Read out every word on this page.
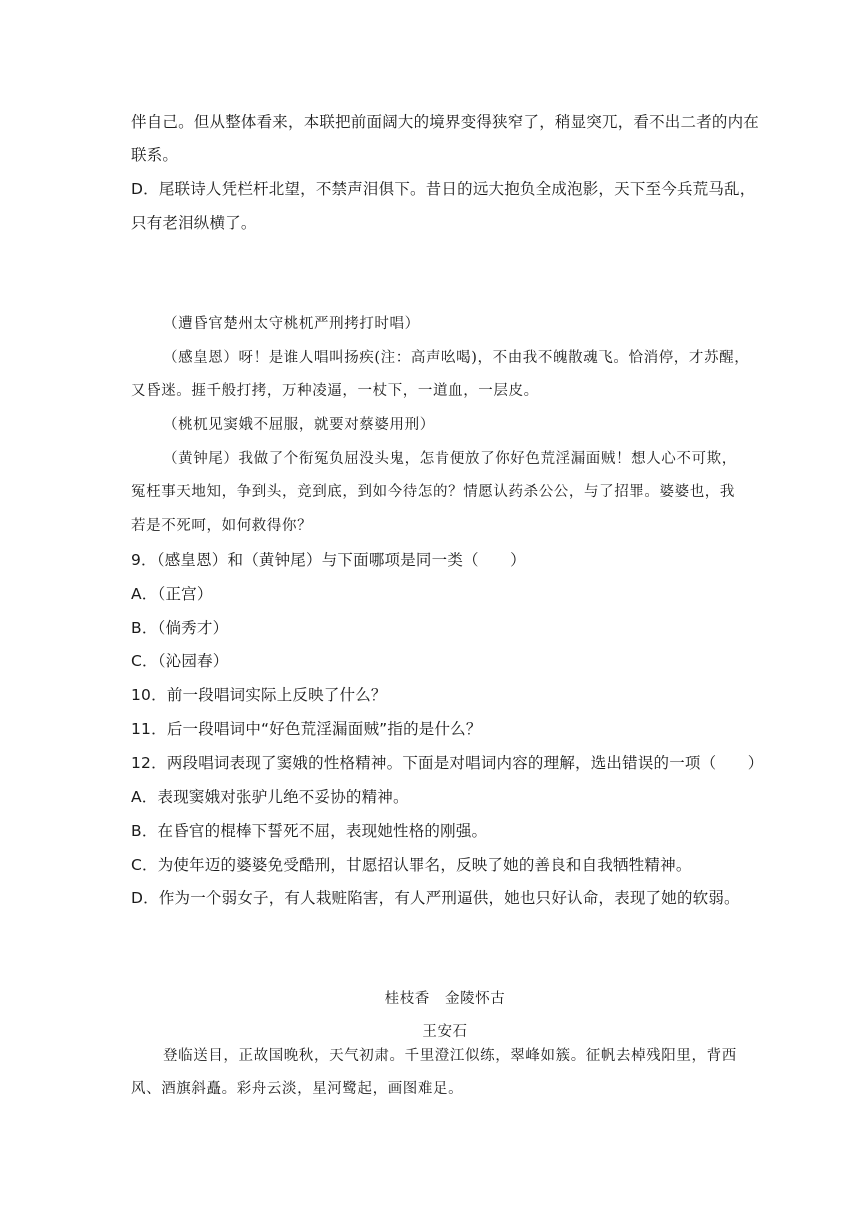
伴自己。但从整体看来，本联把前面阔大的境界变得狭窄了，稍显突兀，看不出二者的内在
联系。
D．尾联诗人凭栏杆北望，不禁声泪俱下。昔日的远大抱负全成泡影，天下至今兵荒马乱，
只有老泪纵横了。
（遭昏官楚州太守桃杌严刑拷打时唱）
（感皇恩）呀！是谁人唱叫扬疾(注：高声吆喝)，不由我不魄散魂飞。恰消停，才苏醒，
又昏迷。捱千般打拷，万种凌逼，一杖下，一道血，一层皮。
（桃杌见窦娥不屈服，就要对蔡婆用刑）
（黄钟尾）我做了个衔冤负屈没头鬼，怎肯便放了你好色荒淫漏面贼！想人心不可欺，
冤枉事天地知，争到头，竞到底，到如今待怎的？情愿认药杀公公，与了招罪。婆婆也，我
若是不死呵，如何救得你？
9．（感皇恩）和（黄钟尾）与下面哪项是同一类（　　）
A．（正宫）
B．（倘秀才）
C．（沁园春）
10．前一段唱词实际上反映了什么？
11．后一段唱词中“好色荒淫漏面贼”指的是什么？
12．两段唱词表现了窦娥的性格精神。下面是对唱词内容的理解，选出错误的一项（　　）
A．表现窦娥对张驴儿绝不妥协的精神。
B．在昏官的棍棒下誓死不屈，表现她性格的刚强。
C．为使年迈的婆婆免受酷刑，甘愿招认罪名，反映了她的善良和自我牺牲精神。
D．作为一个弱女子，有人栽赃陷害，有人严刑逼供，她也只好认命，表现了她的软弱。
桂枝香　金陵怀古
王安石
登临送目，正故国晚秋，天气初肃。千里澄江似练，翠峰如簇。征帆去棹残阳里，背西
风、酒旗斜矗。彩舟云淡，星河鹭起，画图难足。
